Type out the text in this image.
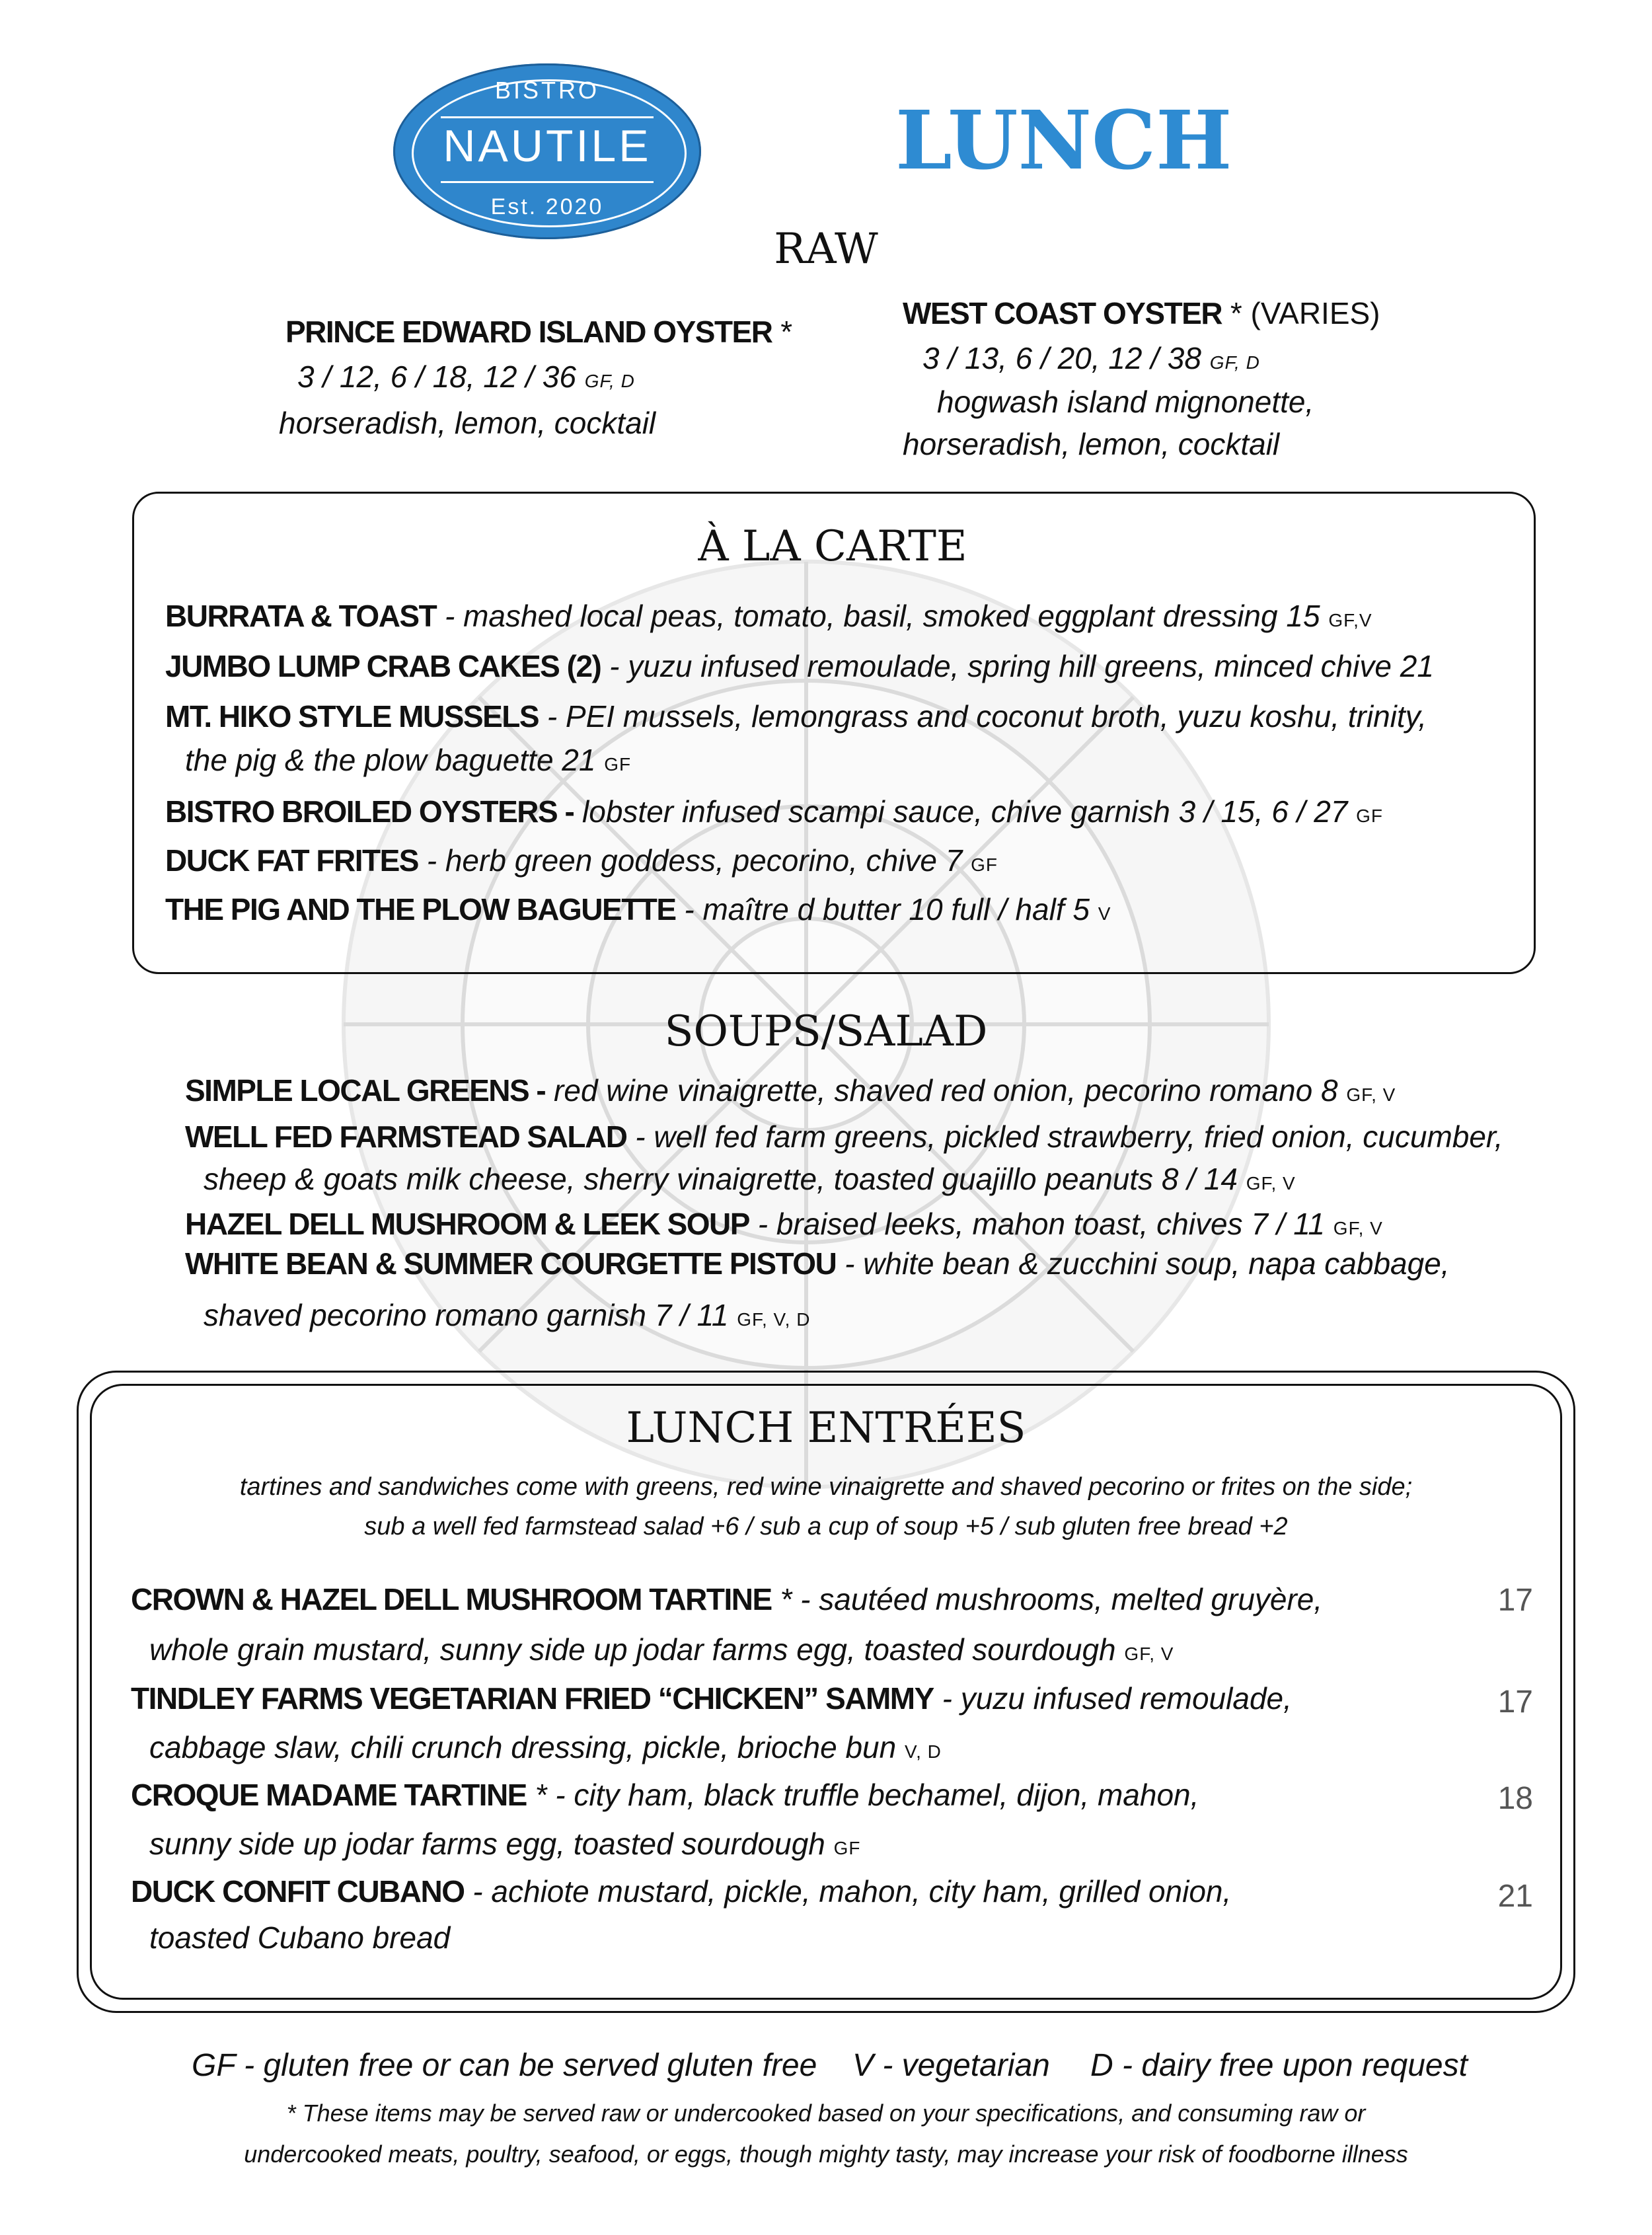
BISTRO
NAUTILE
Est. 2020
LUNCH
RAW
PRINCE EDWARD ISLAND OYSTER *
3 / 12, 6 / 18, 12 / 36 GF, D
horseradish, lemon, cocktail
WEST COAST OYSTER * (VARIES)
3 / 13, 6 / 20, 12 / 38 GF, D
hogwash island mignonette,
horseradish, lemon, cocktail
À LA CARTE
BURRATA & TOAST - mashed local peas, tomato, basil, smoked eggplant dressing 15 GF,V
JUMBO LUMP CRAB CAKES (2) - yuzu infused remoulade, spring hill greens, minced chive 21
MT. HIKO STYLE MUSSELS - PEI mussels, lemongrass and coconut broth, yuzu koshu, trinity,
the pig & the plow baguette 21 GF
BISTRO BROILED OYSTERS - lobster infused scampi sauce, chive garnish 3 / 15, 6 / 27 GF
DUCK FAT FRITES - herb green goddess, pecorino, chive 7 GF
THE PIG AND THE PLOW BAGUETTE - maître d butter 10 full / half 5 V
SOUPS/SALAD
SIMPLE LOCAL GREENS - red wine vinaigrette, shaved red onion, pecorino romano 8 GF, V
WELL FED FARMSTEAD SALAD - well fed farm greens, pickled strawberry, fried onion, cucumber,
sheep & goats milk cheese, sherry vinaigrette, toasted guajillo peanuts 8 / 14 GF, V
HAZEL DELL MUSHROOM & LEEK SOUP - braised leeks, mahon toast, chives 7 / 11 GF, V
WHITE BEAN & SUMMER COURGETTE PISTOU - white bean & zucchini soup, napa cabbage,
shaved pecorino romano garnish 7 / 11 GF, V, D
LUNCH ENTRÉES
tartines and sandwiches come with greens, red wine vinaigrette and shaved pecorino or frites on the side;
sub a well fed farmstead salad +6 / sub a cup of soup +5 / sub gluten free bread +2
CROWN & HAZEL DELL MUSHROOM TARTINE * - sautéed mushrooms, melted gruyère,
whole grain mustard, sunny side up jodar farms egg, toasted sourdough GF, V
17
TINDLEY FARMS VEGETARIAN FRIED “CHICKEN” SAMMY - yuzu infused remoulade,
cabbage slaw, chili crunch dressing, pickle, brioche bun V, D
17
CROQUE MADAME TARTINE * - city ham, black truffle bechamel, dijon, mahon,
sunny side up jodar farms egg, toasted sourdough GF
18
DUCK CONFIT CUBANO - achiote mustard, pickle, mahon, city ham, grilled onion,
toasted Cubano bread
21
GF - gluten free or can be served gluten free V - vegetarian D - dairy free upon request
* These items may be served raw or undercooked based on your specifications, and consuming raw or
undercooked meats, poultry, seafood, or eggs, though mighty tasty, may increase your risk of foodborne illness
